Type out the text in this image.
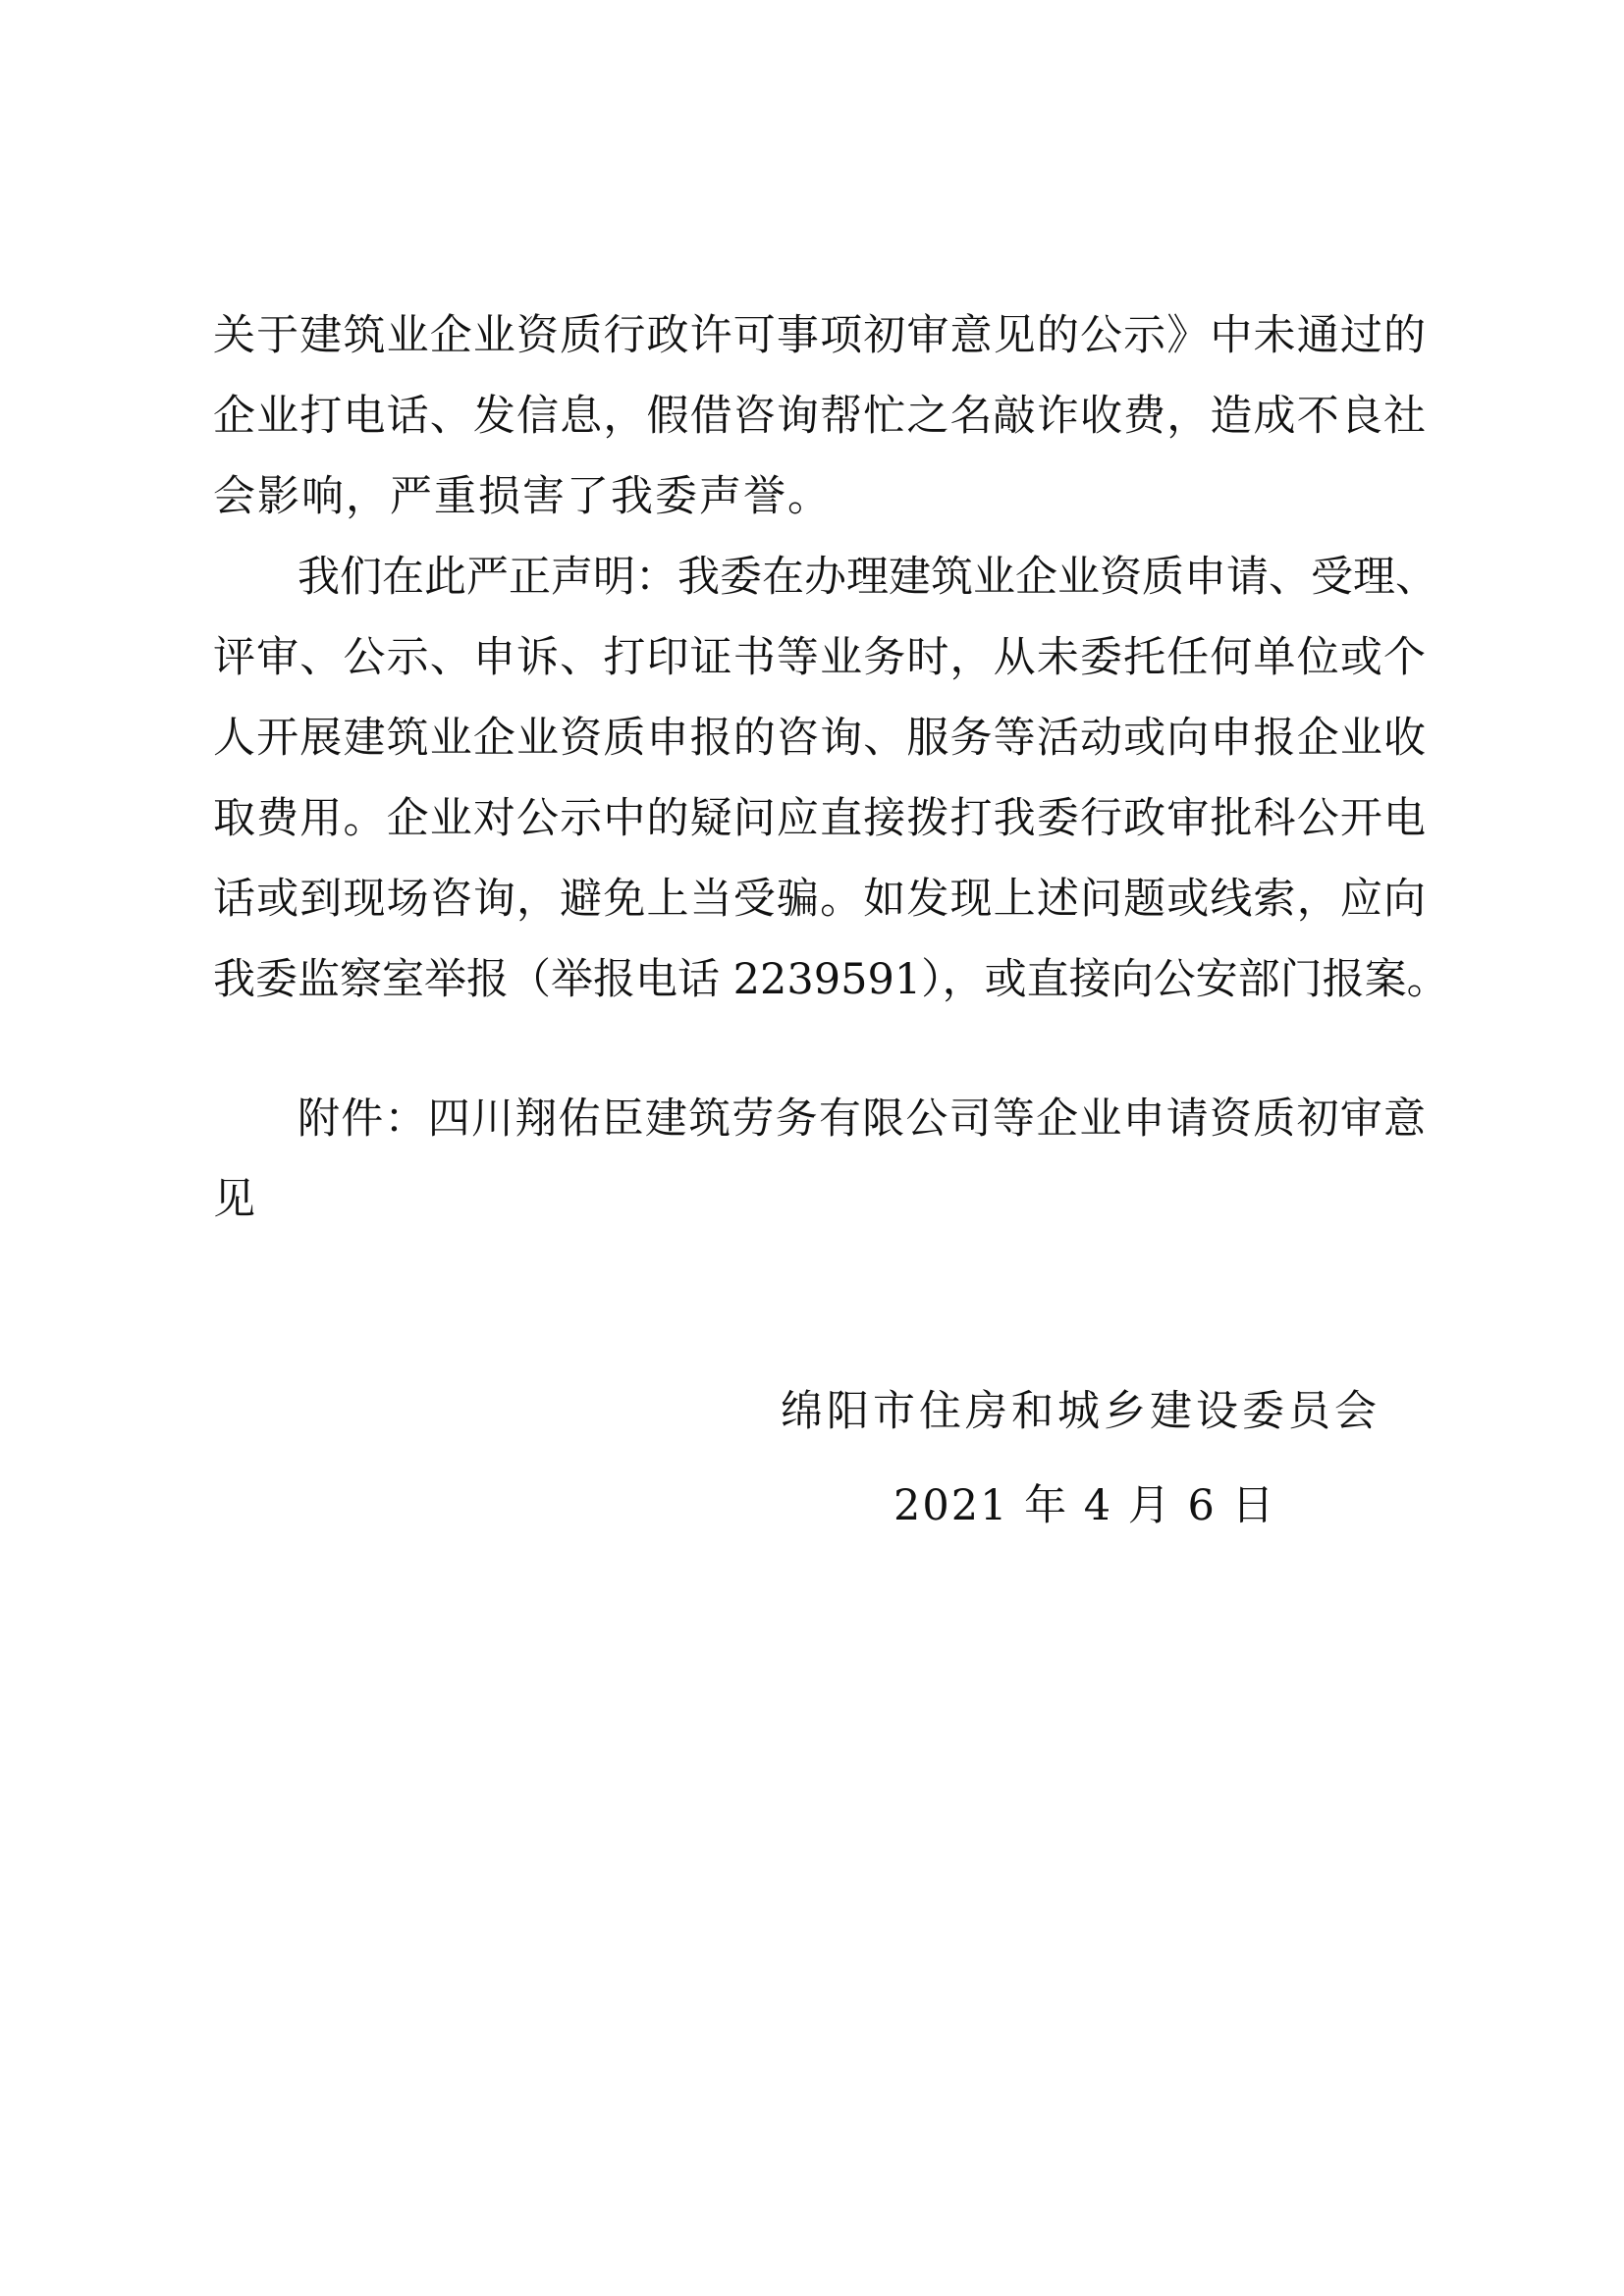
关于建筑业企业资质行政许可事项初审意见的公示》中未通过的
企业打电话、发信息，假借咨询帮忙之名敲诈收费，造成不良社
会影响，严重损害了我委声誉。
我们在此严正声明：我委在办理建筑业企业资质申请、受理、
评审、公示、申诉、打印证书等业务时，从未委托任何单位或个
人开展建筑业企业资质申报的咨询、服务等活动或向申报企业收
取费用。企业对公示中的疑问应直接拨打我委行政审批科公开电
话或到现场咨询，避免上当受骗。如发现上述问题或线索，应向
我委监察室举报（举报电话 2239591），或直接向公安部门报案。
附件：四川翔佑臣建筑劳务有限公司等企业申请资质初审意
见
绵阳市住房和城乡建设委员会
2021 年 4 月 6 日
